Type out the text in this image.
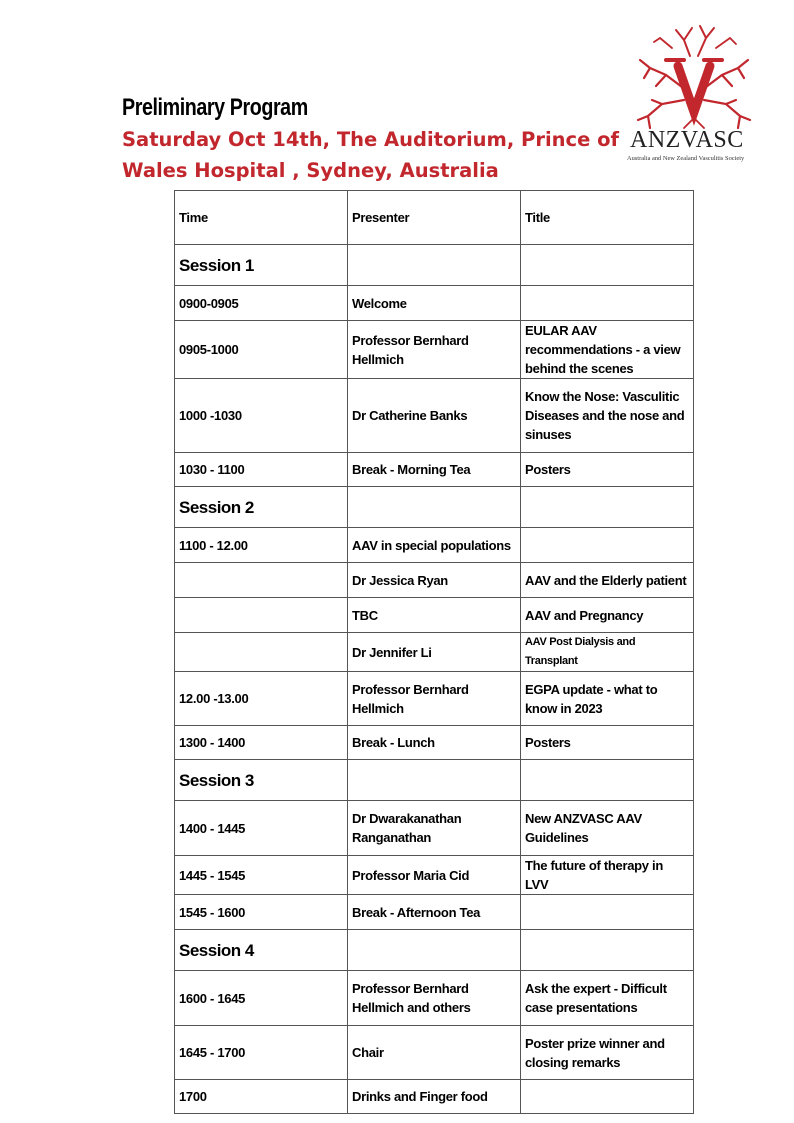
Preliminary Program
Saturday Oct 14th, The Auditorium, Prince of
Wales Hospital , Sydney, Australia
ANZVASC
Australia and New Zealand Vasculitis Society
Time	Presenter	Title
Session 1		
0900-0905	Welcome	
0905-1000	Professor Bernhard Hellmich	EULAR AAV recommendations - a view behind the scenes
1000 -1030	Dr Catherine Banks	Know the Nose: Vasculitic Diseases and the nose and sinuses
1030 - 1100	Break - Morning Tea	Posters
Session 2		
1100 - 12.00	AAV in special populations	
	Dr Jessica Ryan	AAV and the Elderly patient
	TBC	AAV and Pregnancy
	Dr Jennifer Li	AAV Post Dialysis and Transplant
12.00 -13.00	Professor Bernhard Hellmich	EGPA update - what to know in 2023
1300 - 1400	Break - Lunch	Posters
Session 3		
1400 - 1445	Dr Dwarakanathan Ranganathan	New ANZVASC AAV Guidelines
1445 - 1545	Professor Maria Cid	The future of therapy in LVV
1545 - 1600	Break - Afternoon Tea	
Session 4		
1600 - 1645	Professor Bernhard Hellmich and others	Ask the expert - Difficult case presentations
1645 - 1700	Chair	Poster prize winner and closing remarks
1700	Drinks and Finger food	
